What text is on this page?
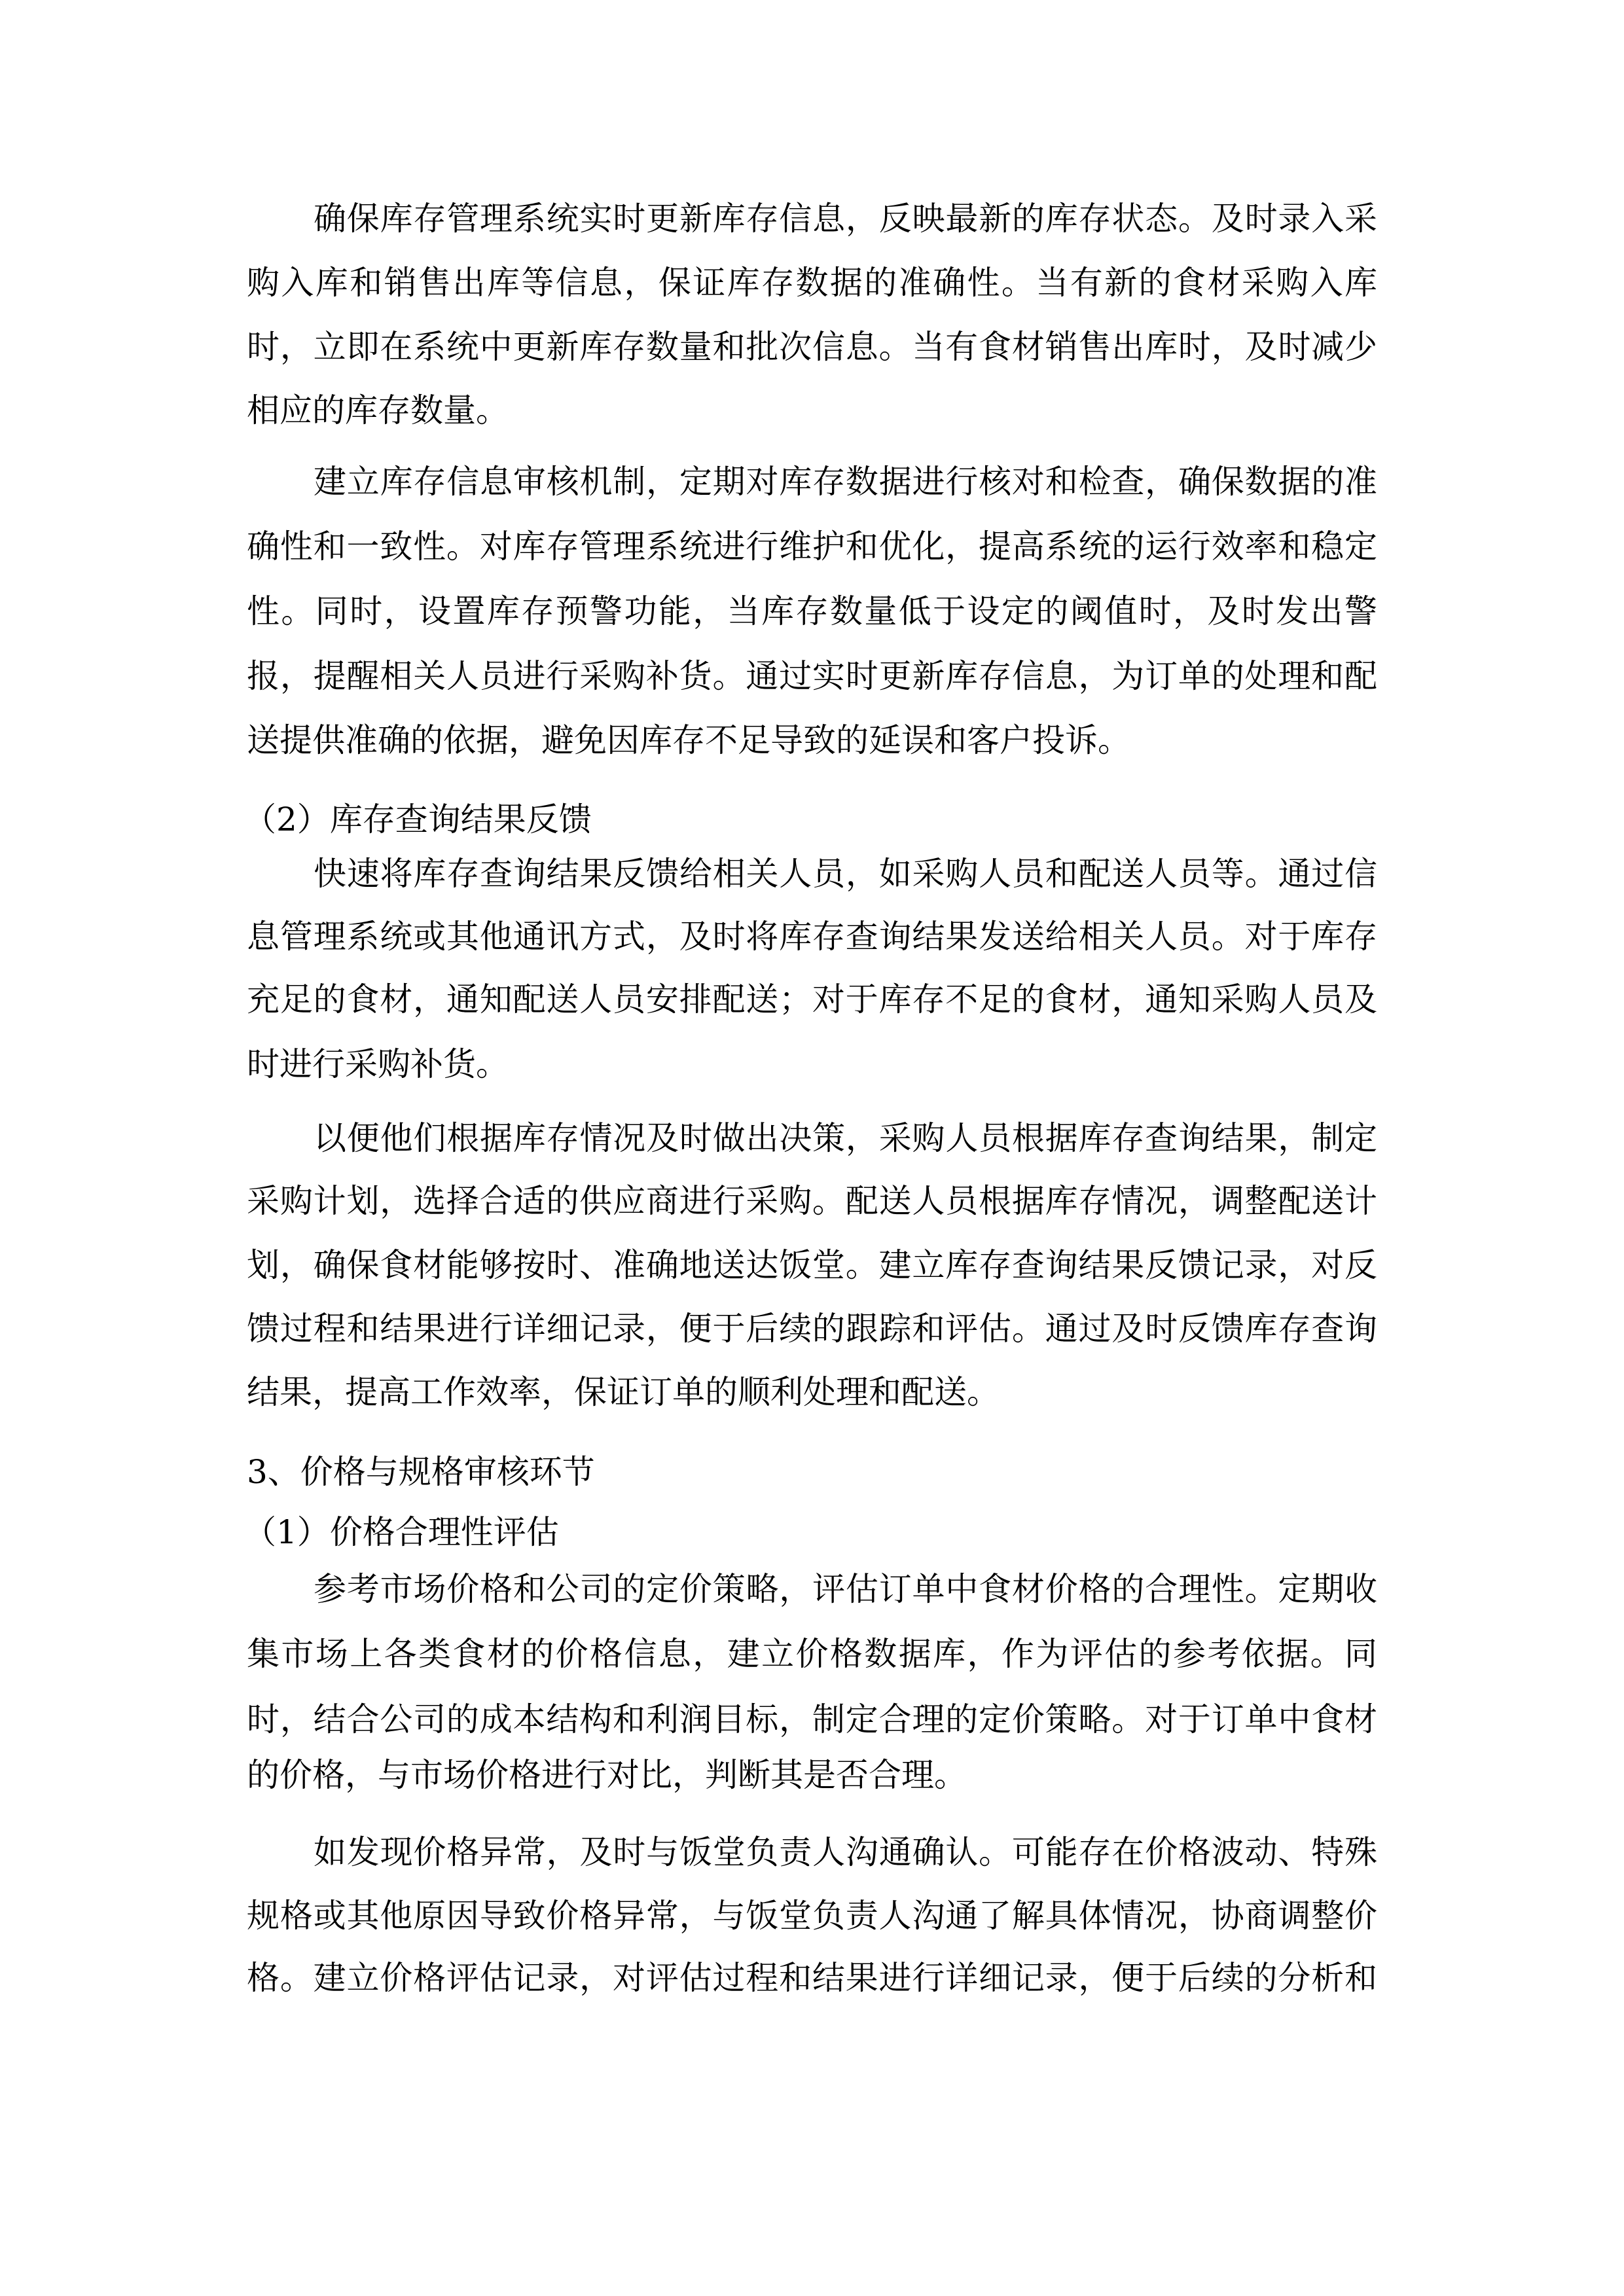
确保库存管理系统实时更新库存信息，反映最新的库存状态。及时录入采
购入库和销售出库等信息，保证库存数据的准确性。当有新的食材采购入库
时，立即在系统中更新库存数量和批次信息。当有食材销售出库时，及时减少
相应的库存数量。
建立库存信息审核机制，定期对库存数据进行核对和检查，确保数据的准
确性和一致性。对库存管理系统进行维护和优化，提高系统的运行效率和稳定
性。同时，设置库存预警功能，当库存数量低于设定的阈值时，及时发出警
报，提醒相关人员进行采购补货。通过实时更新库存信息，为订单的处理和配
送提供准确的依据，避免因库存不足导致的延误和客户投诉。
（2）库存查询结果反馈
快速将库存查询结果反馈给相关人员，如采购人员和配送人员等。通过信
息管理系统或其他通讯方式，及时将库存查询结果发送给相关人员。对于库存
充足的食材，通知配送人员安排配送；对于库存不足的食材，通知采购人员及
时进行采购补货。
以便他们根据库存情况及时做出决策，采购人员根据库存查询结果，制定
采购计划，选择合适的供应商进行采购。配送人员根据库存情况，调整配送计
划，确保食材能够按时、准确地送达饭堂。建立库存查询结果反馈记录，对反
馈过程和结果进行详细记录，便于后续的跟踪和评估。通过及时反馈库存查询
结果，提高工作效率，保证订单的顺利处理和配送。
3、价格与规格审核环节
（1）价格合理性评估
参考市场价格和公司的定价策略，评估订单中食材价格的合理性。定期收
集市场上各类食材的价格信息，建立价格数据库，作为评估的参考依据。同
时，结合公司的成本结构和利润目标，制定合理的定价策略。对于订单中食材
的价格，与市场价格进行对比，判断其是否合理。
如发现价格异常，及时与饭堂负责人沟通确认。可能存在价格波动、特殊
规格或其他原因导致价格异常，与饭堂负责人沟通了解具体情况，协商调整价
格。建立价格评估记录，对评估过程和结果进行详细记录，便于后续的分析和
